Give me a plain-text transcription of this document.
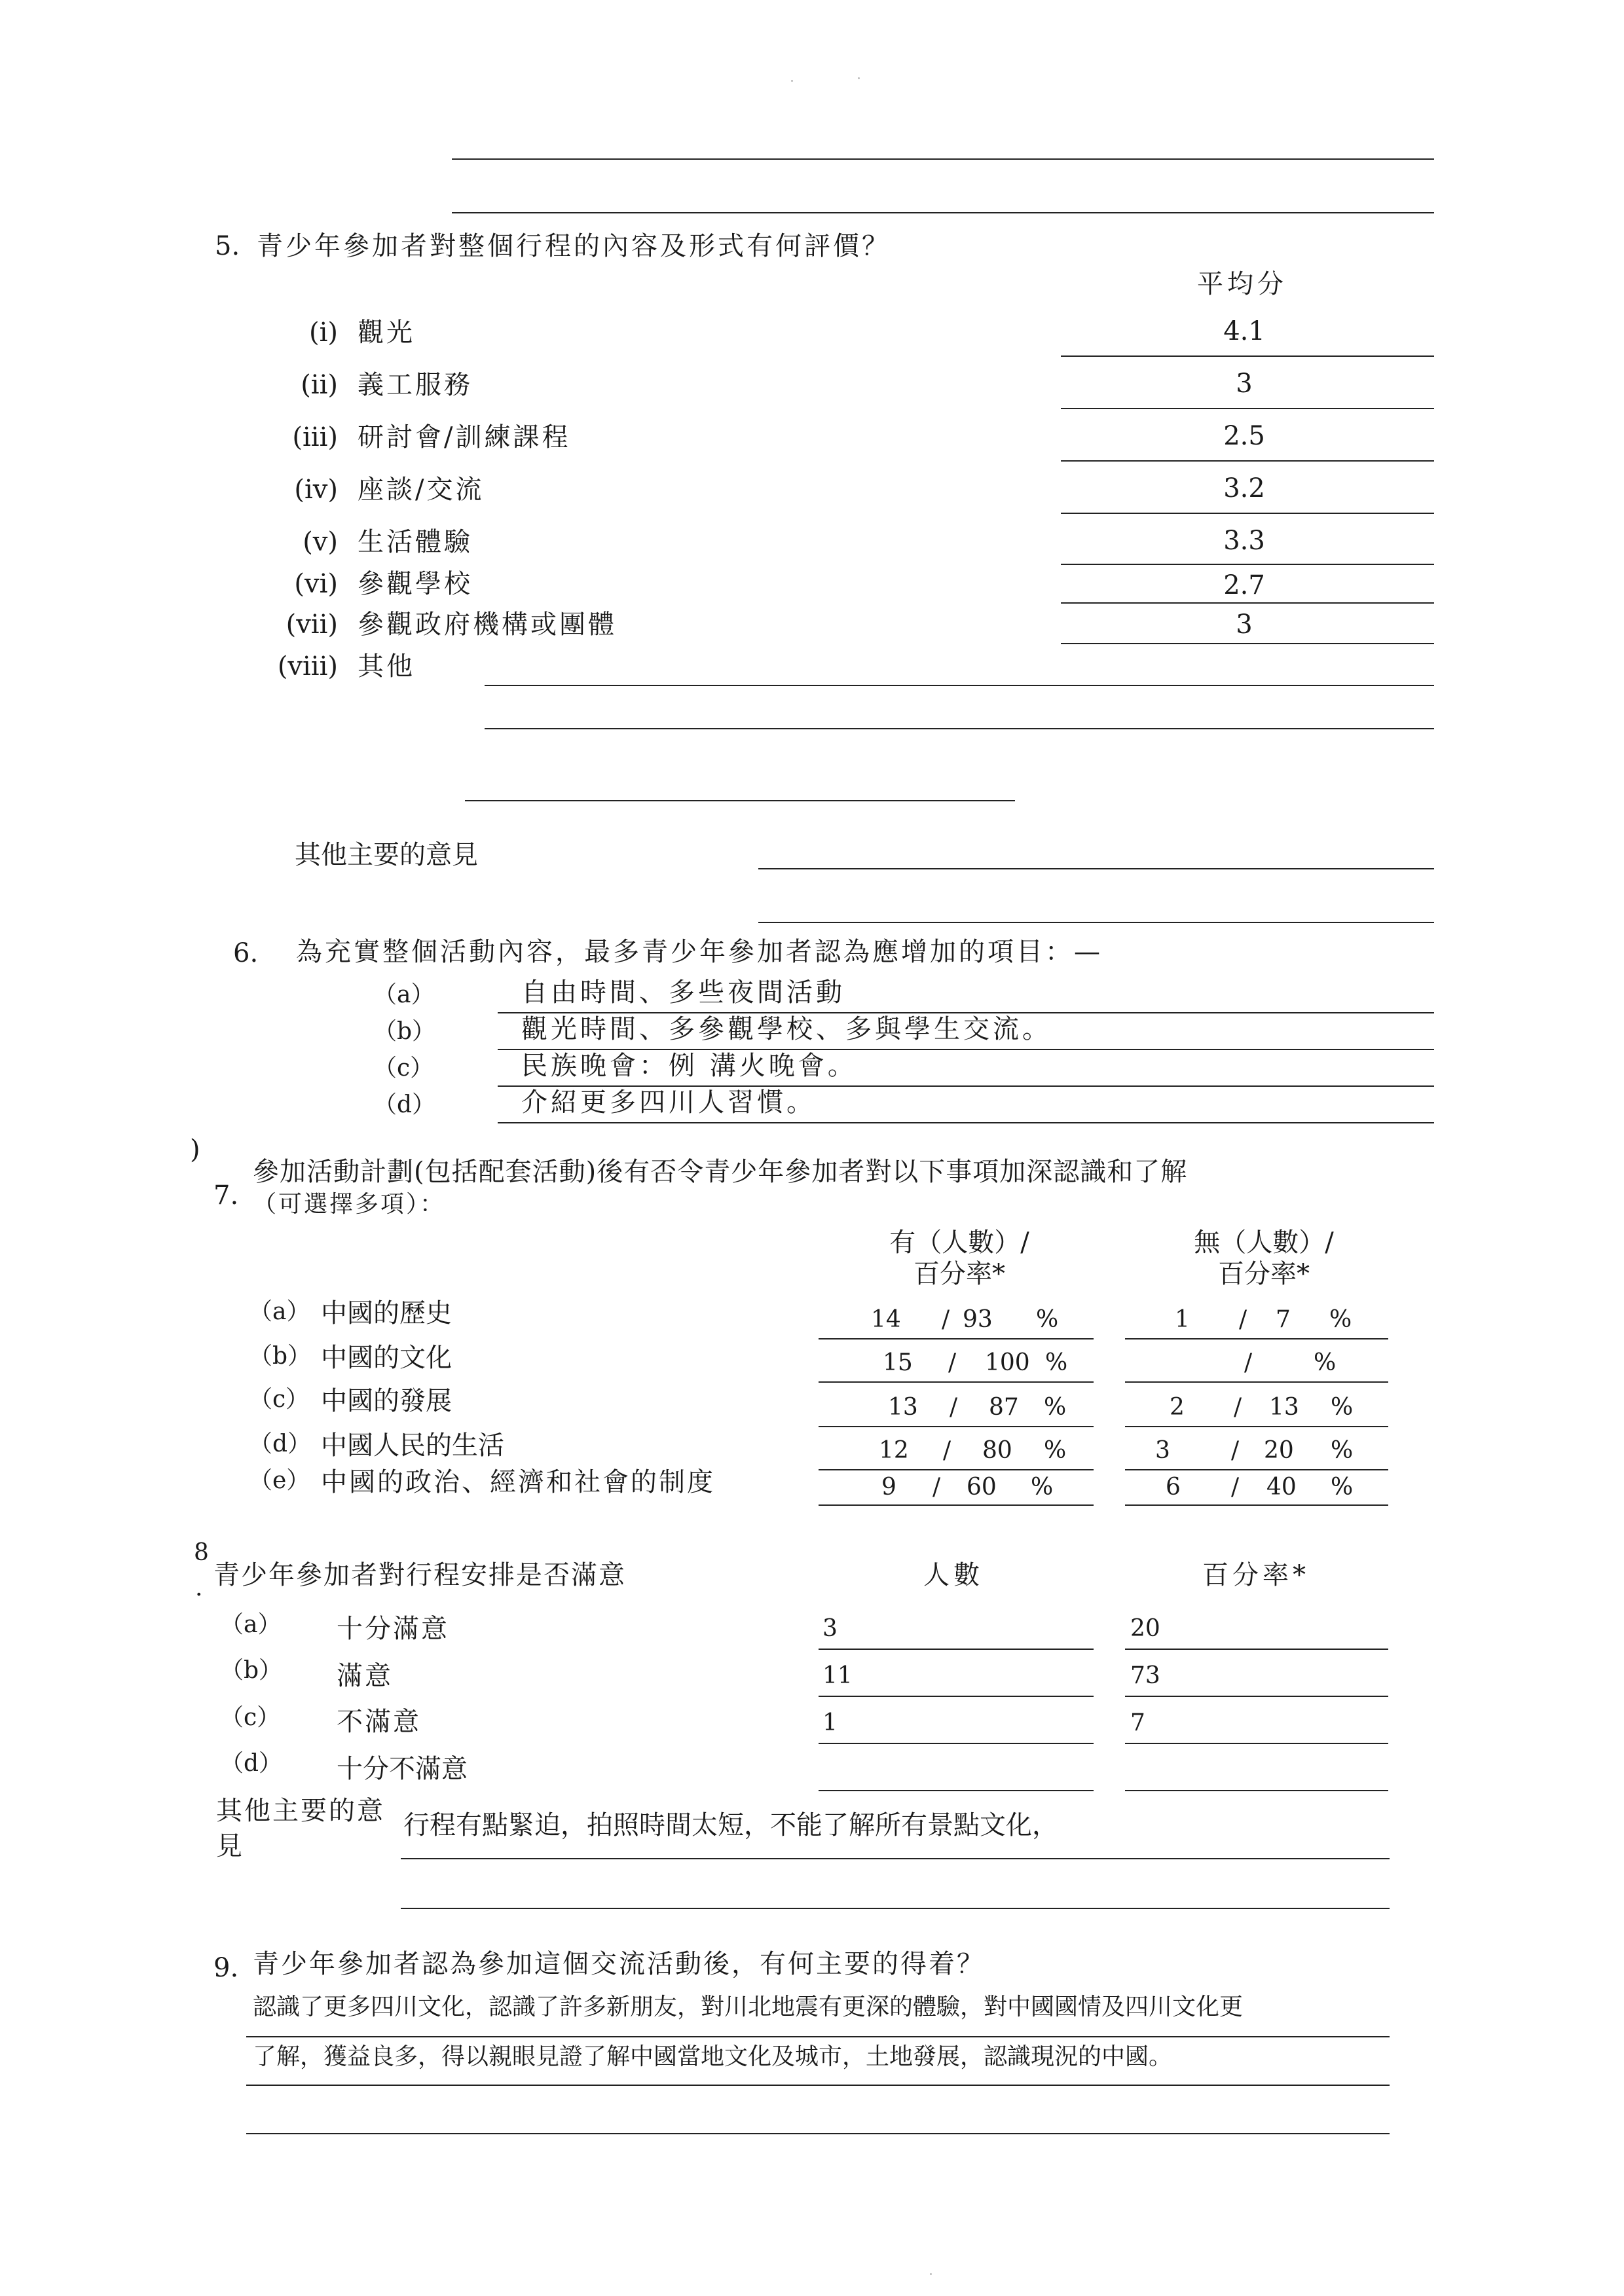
5. 青少年參加者對整個行程的內容及形式有何評價？
平均分
(i) 觀光	4.1
(ii) 義工服務	3
(iii) 研討會/訓練課程	2.5
(iv) 座談/交流	3.2
(v) 生活體驗	3.3
(vi) 參觀學校	2.7
(vii) 參觀政府機構或團體	3
(viii) 其他
其他主要的意見
6. 為充實整個活動內容，最多青少年參加者認為應增加的項目：—
（a）	自由時間、多些夜間活動
（b）	觀光時間、多參觀學校、多與學生交流。
（c）	民族晚會：例 溝火晚會。
（d）	介紹更多四川人習慣。
)
7.
參加活動計劃(包括配套活動)後有否令青少年參加者對以下事項加深認識和了解
（可選擇多項）：
有（人數）/
百分率*
無（人數）/
百分率*
（a） 中國的歷史	14 / 93 %	1 / 7 %
（b） 中國的文化	15 / 100 %	/	%
（c） 中國的發展	13 / 87 %	2 / 13 %
（d） 中國人民的生活	12 / 80 %	3	/ 20 %
（e） 中國的政治、經濟和社會的制度	9 / 60 %	6 / 40 %
8
. 青少年參加者對行程安排是否滿意	人數	百分率*
（a） 十分滿意	3	20
（b） 滿意	11	73
（c） 不滿意	1	7
（d） 十分不滿意
其他主要的意
見
行程有點緊迫，拍照時間太短，不能了解所有景點文化，
9. 青少年參加者認為參加這個交流活動後，有何主要的得着？
認識了更多四川文化，認識了許多新朋友，對川北地震有更深的體驗，對中國國情及四川文化更
了解，獲益良多，得以親眼見證了解中國當地文化及城市，土地發展，認識現況的中國。
